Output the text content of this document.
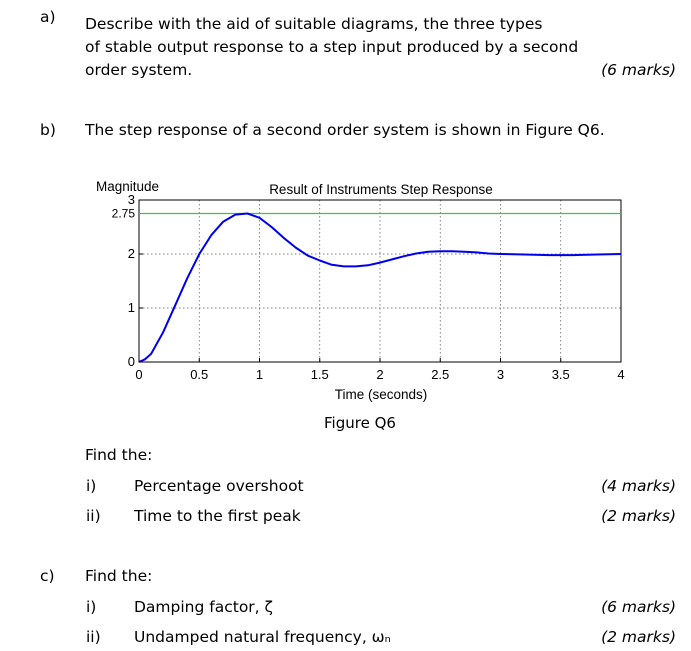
a) Describe with the aid of suitable diagrams, the three types
of stable output response to a step input produced by a second
order system.	(6 marks)
b) The step response of a second order system is shown in Figure Q6.
0	0.5	1	1.5	2	2.5	3	3.5	4
0
1
2
3
2.75
Result of Instruments Step Response
Magnitude
Time (seconds)
Figure Q6
Find the:
i) Percentage overshoot	(4 marks)
ii) Time to the first peak	(2 marks)
c) Find the:
i) Damping factor, ζ	(6 marks)
ii) Undamped natural frequency, ωₙ	(2 marks)
